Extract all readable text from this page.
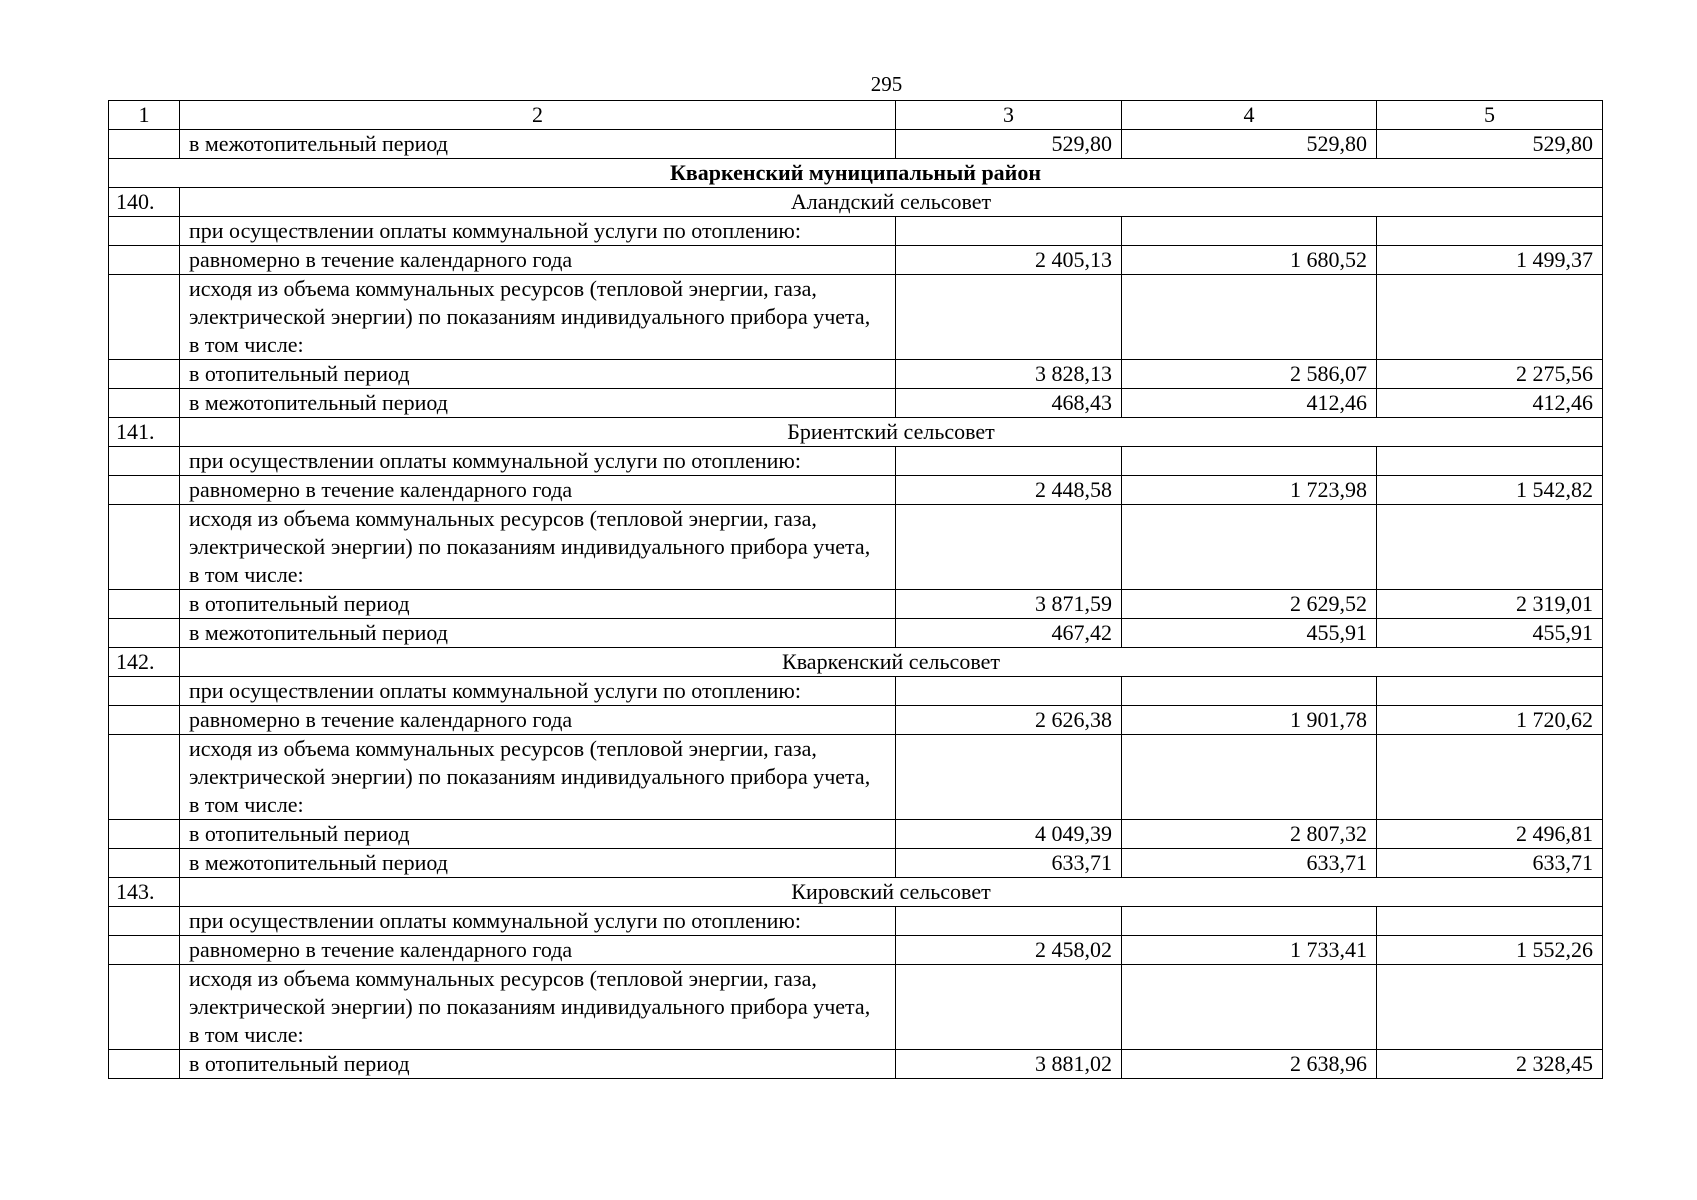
295
1	2	3	4	5
	в межотопительный период	529,80	529,80	529,80
Кваркенский муниципальный район				
140.	Аландский сельсовет			
	при осуществлении оплаты коммунальной услуги по отоплению:			
	равномерно в течение календарного года	2 405,13	1 680,52	1 499,37
	исходя из объема коммунальных ресурсов (тепловой энергии, газа, электрической энергии) по показаниям индивидуального прибора учета, в том числе:			
	в отопительный период	3 828,13	2 586,07	2 275,56
	в межотопительный период	468,43	412,46	412,46
141.	Бриентский сельсовет			
	при осуществлении оплаты коммунальной услуги по отоплению:			
	равномерно в течение календарного года	2 448,58	1 723,98	1 542,82
	исходя из объема коммунальных ресурсов (тепловой энергии, газа, электрической энергии) по показаниям индивидуального прибора учета, в том числе:			
	в отопительный период	3 871,59	2 629,52	2 319,01
	в межотопительный период	467,42	455,91	455,91
142.	Кваркенский сельсовет			
	при осуществлении оплаты коммунальной услуги по отоплению:			
	равномерно в течение календарного года	2 626,38	1 901,78	1 720,62
	исходя из объема коммунальных ресурсов (тепловой энергии, газа, электрической энергии) по показаниям индивидуального прибора учета, в том числе:			
	в отопительный период	4 049,39	2 807,32	2 496,81
	в межотопительный период	633,71	633,71	633,71
143.	Кировский сельсовет			
	при осуществлении оплаты коммунальной услуги по отоплению:			
	равномерно в течение календарного года	2 458,02	1 733,41	1 552,26
	исходя из объема коммунальных ресурсов (тепловой энергии, газа, электрической энергии) по показаниям индивидуального прибора учета, в том числе:			
	в отопительный период	3 881,02	2 638,96	2 328,45
